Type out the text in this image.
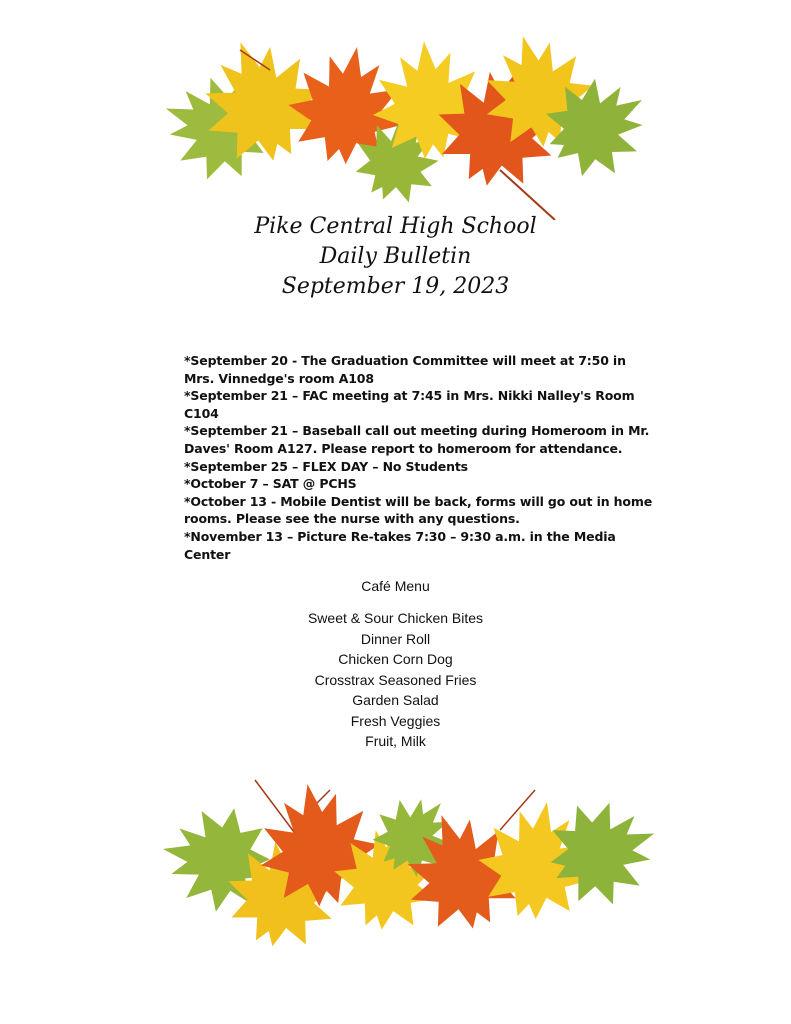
Pike Central High School
Daily Bulletin
September 19, 2023
*September 20 - The Graduation Committee will meet at 7:50 in Mrs. Vinnedge's room A108
*September 21 – FAC meeting at 7:45 in Mrs. Nikki Nalley's Room C104
*September 21 – Baseball call out meeting during Homeroom in Mr. Daves' Room A127. Please report to homeroom for attendance.
*September 25 – FLEX DAY – No Students
*October 7 – SAT @ PCHS
*October 13 - Mobile Dentist will be back, forms will go out in home rooms. Please see the nurse with any questions.
*November 13 – Picture Re-takes 7:30 – 9:30 a.m. in the Media Center
Café Menu
Sweet & Sour Chicken Bites
Dinner Roll
Chicken Corn Dog
Crosstrax Seasoned Fries
Garden Salad
Fresh Veggies
Fruit, Milk
